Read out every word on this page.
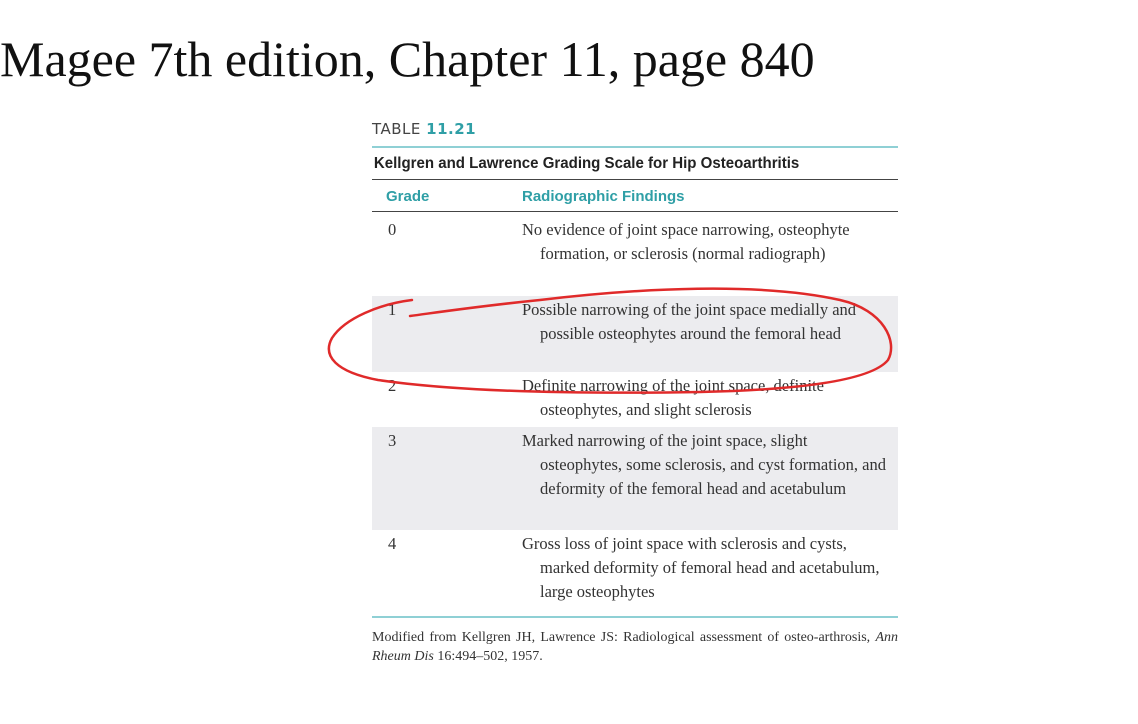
Magee 7th edition, Chapter 11, page 840
TABLE 11.21
Kellgren and Lawrence Grading Scale for Hip Osteoarthritis
Grade	Radiographic Findings
0	No evidence of joint space narrowing, osteophyte formation, or sclerosis (normal radiograph)
1	Possible narrowing of the joint space medially and possible osteophytes around the femoral head
2	Definite narrowing of the joint space, definite osteophytes, and slight sclerosis
3	Marked narrowing of the joint space, slight osteophytes, some sclerosis, and cyst formation, and deformity of the femoral head and acetabulum
4	Gross loss of joint space with sclerosis and cysts, marked deformity of femoral head and acetabulum, large osteophytes
Modified from Kellgren JH, Lawrence JS: Radiological assessment of osteo-arthrosis, Ann Rheum Dis 16:494–502, 1957.
